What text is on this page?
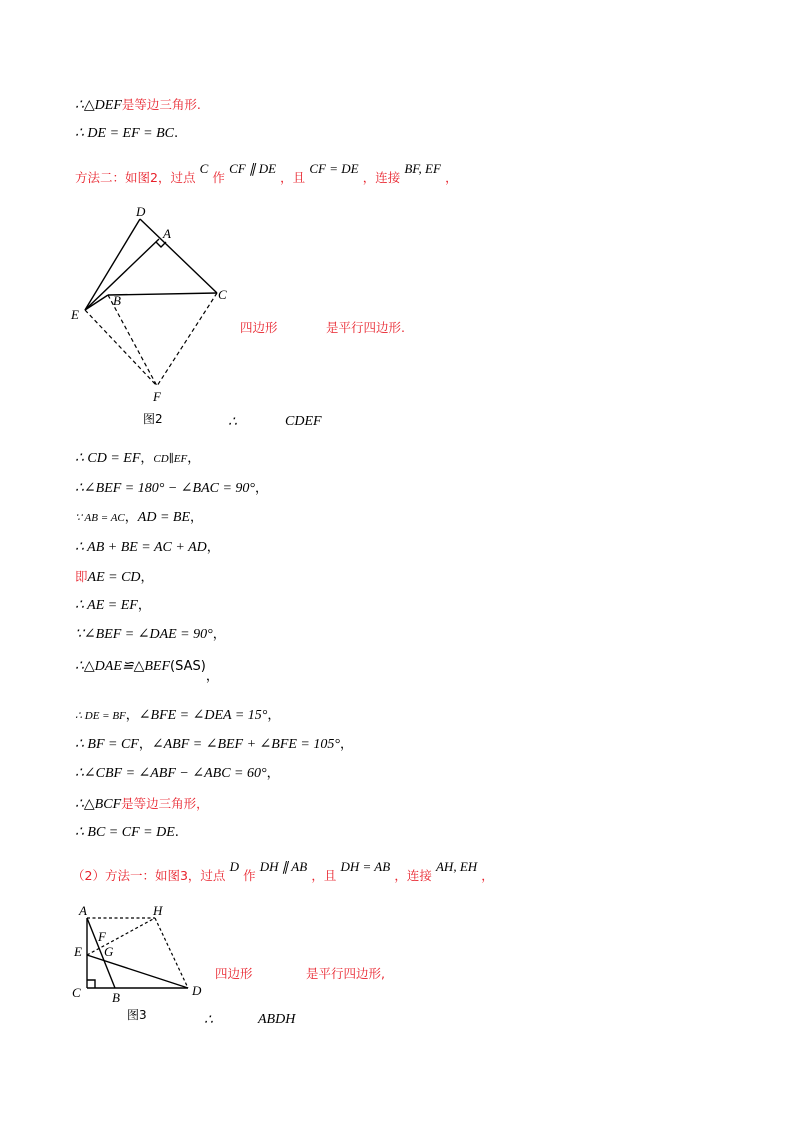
∴△DEF是等边三角形.
∴ DE = EF = BC.
方法二：如图2，过点 C 作 CF ∥ DE ，且 CF = DE ，连接 BF, EF ，
D
A
B	C
E
F
图2
四边形	是平行四边形.
∴	CDEF
∴ CD = EF，CD∥EF，
∴∠BEF = 180° − ∠BAC = 90°，
∵ AB = AC，AD = BE，
∴ AB + BE = AC + AD，
即AE = CD，
∴ AE = EF，
∵∠BEF = ∠DAE = 90°，
∴△DAE≌△BEF(SAS)，
∴ DE = BF，∠BFE = ∠DEA = 15°，
∴ BF = CF，∠ABF = ∠BEF + ∠BFE = 105°，
∴∠CBF = ∠ABF − ∠ABC = 60°，
∴△BCF是等边三角形，
∴ BC = CF = DE.
（2）方法一：如图3，过点 D 作 DH ∥ AB ，且 DH = AB ，连接 AH, EH ，
A	H
F
E G
C B	D
图3
四边形	是平行四边形,
∴	ABDH
